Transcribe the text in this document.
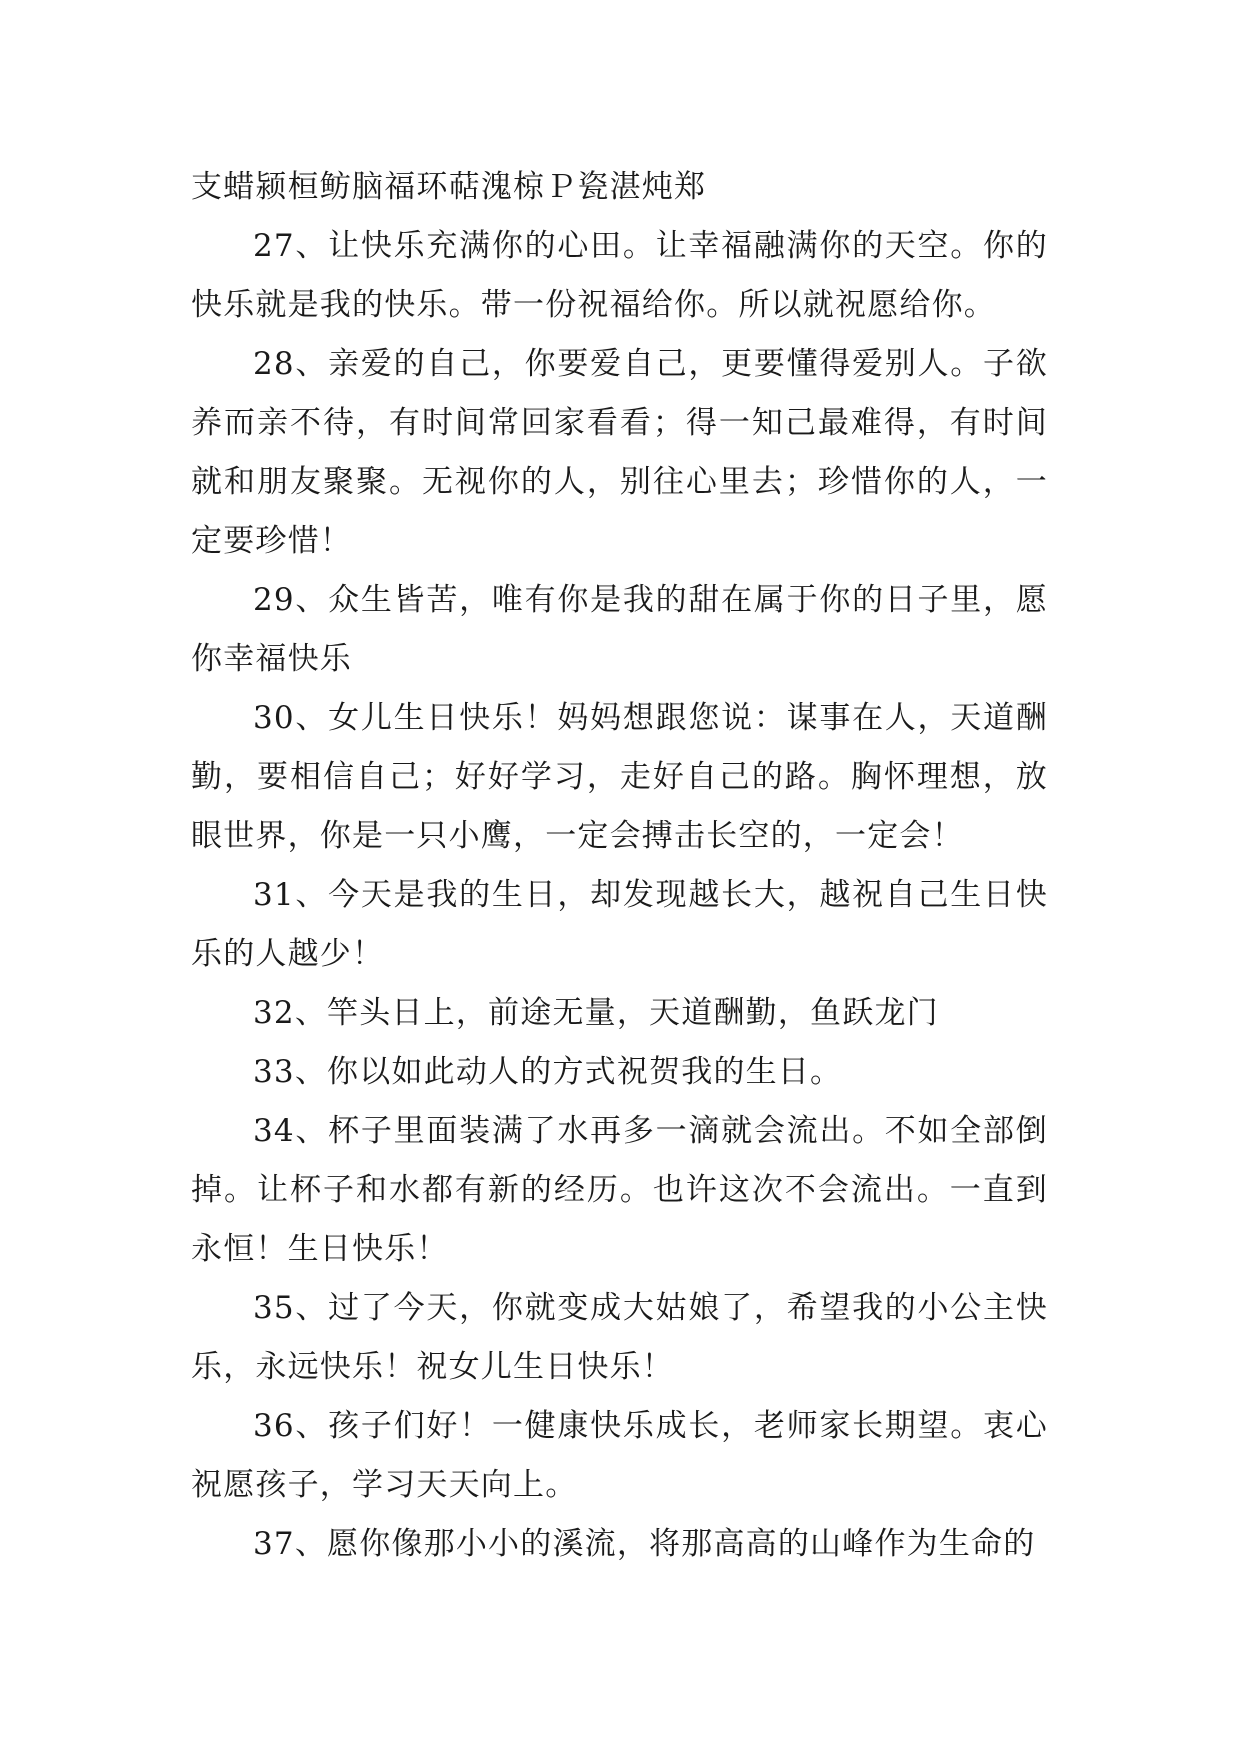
支蜡颍桓鲂脑福环萜溾椋Ｐ瓷湛炖郑

27、让快乐充满你的心田。让幸福融满你的天空。你的快乐就是我的快乐。带一份祝福给你。所以就祝愿给你。

28、亲爱的自己，你要爱自己，更要懂得爱别人。子欲养而亲不待，有时间常回家看看；得一知己最难得，有时间就和朋友聚聚。无视你的人，别往心里去；珍惜你的人，一定要珍惜！

29、众生皆苦，唯有你是我的甜在属于你的日子里，愿你幸福快乐

30、女儿生日快乐！妈妈想跟您说：谋事在人，天道酬勤，要相信自己；好好学习，走好自己的路。胸怀理想，放眼世界，你是一只小鹰，一定会搏击长空的，一定会！

31、今天是我的生日，却发现越长大，越祝自己生日快乐的人越少！

32、竿头日上，前途无量，天道酬勤，鱼跃龙门

33、你以如此动人的方式祝贺我的生日。

34、杯子里面装满了水再多一滴就会流出。不如全部倒掉。让杯子和水都有新的经历。也许这次不会流出。一直到永恒！生日快乐！

35、过了今天，你就变成大姑娘了，希望我的小公主快乐，永远快乐！祝女儿生日快乐！

36、孩子们好！一健康快乐成长，老师家长期望。衷心祝愿孩子，学习天天向上。

37、愿你像那小小的溪流，将那高高的山峰作为生命的
